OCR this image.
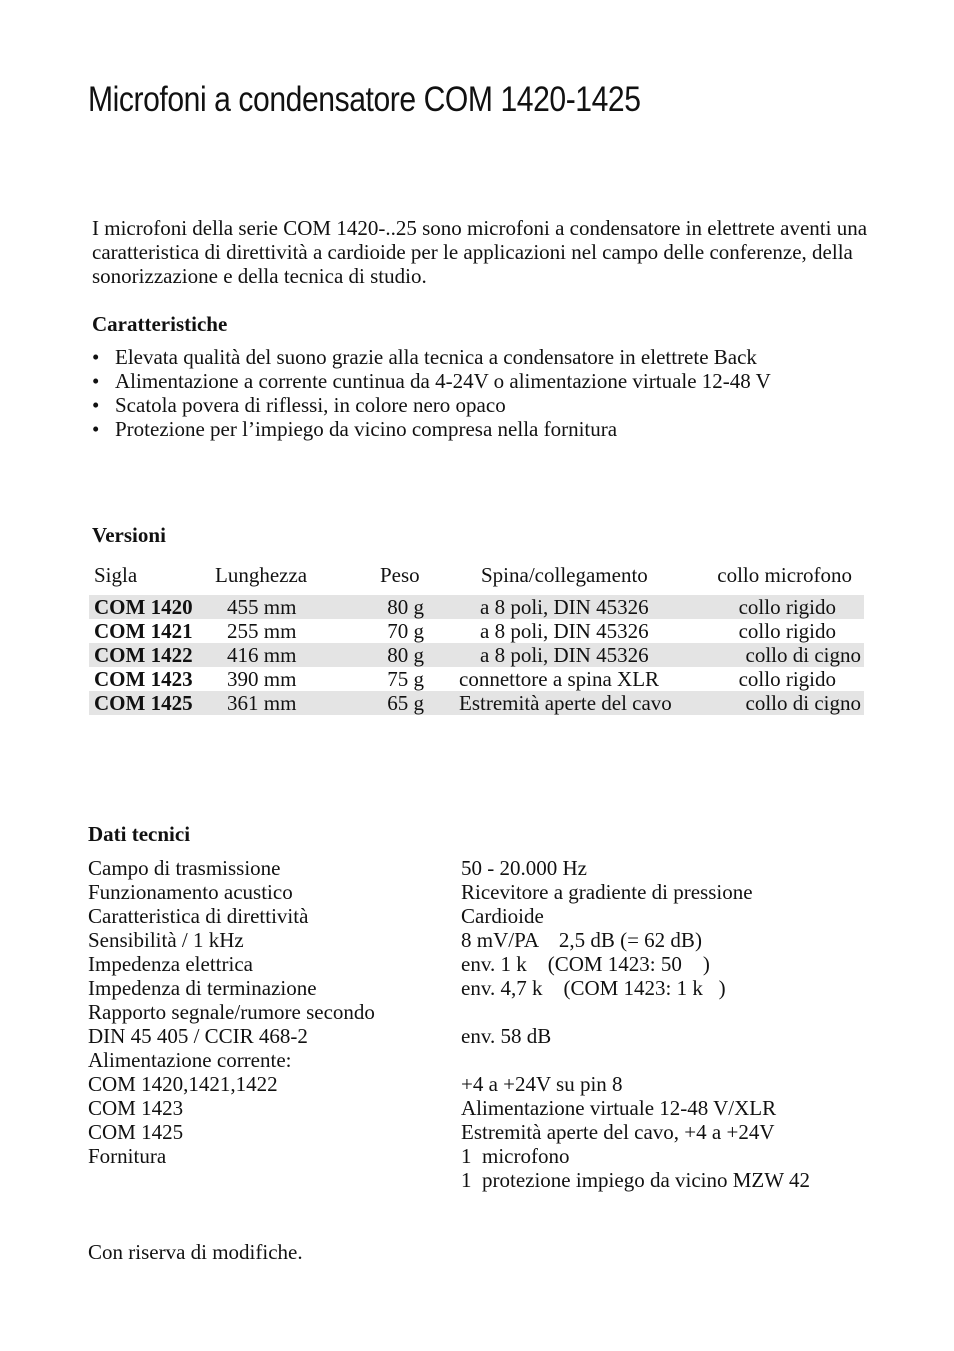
Microfoni a condensatore COM 1420-1425

I microfoni della serie COM 1420-..25 sono microfoni a condensatore in elettrete aventi una caratteristica di direttività a cardioide per le applicazioni nel campo delle conferenze, della sonorizzazione e della tecnica di studio.

Caratteristiche
• Elevata qualità del suono grazie alla tecnica a condensatore in elettrete Back
• Alimentazione a corrente cuntinua da 4-24V o alimentazione virtuale 12-48 V
• Scatola povera di riflessi, in colore nero opaco
• Protezione per l’impiego da vicino compresa nella fornitura
Versioni
Sigla	Lunghezza	Peso	Spina/collegamento	collo microfono
COM 1420 455 mm	80 g	a 8 poli, DIN 45326	collo rigido
COM 1421 255 mm	70 g	a 8 poli, DIN 45326	collo rigido
COM 1422 416 mm	80 g	a 8 poli, DIN 45326	collo di cigno
COM 1423 390 mm	75 g connettore a spina XLR	collo rigido
COM 1425 361 mm	65 g Estremità aperte del cavo	collo di cigno
Dati tecnici
Campo di trasmissione	50 - 20.000 Hz
Funzionamento acustico	Ricevitore a gradiente di pressione
Caratteristica di direttività	Cardioide
Sensibilità / 1 kHz	8 mV/PA    2,5 dB (= 62 dB)
Impedenza elettrica	env. 1 k    (COM 1423: 50    )
Impedenza di terminazione	env. 4,7 k    (COM 1423: 1 k   )
Rapporto segnale/rumore secondo
DIN 45 405 / CCIR 468-2	env. 58 dB
Alimentazione corrente:
COM 1420,1421,1422	+4 a +24V su pin 8
COM 1423	Alimentazione virtuale 12-48 V/XLR
COM 1425	Estremità aperte del cavo, +4 a +24V
Fornitura	1  microfono
1  protezione impiego da vicino MZW 42

Con riserva di modifiche.
